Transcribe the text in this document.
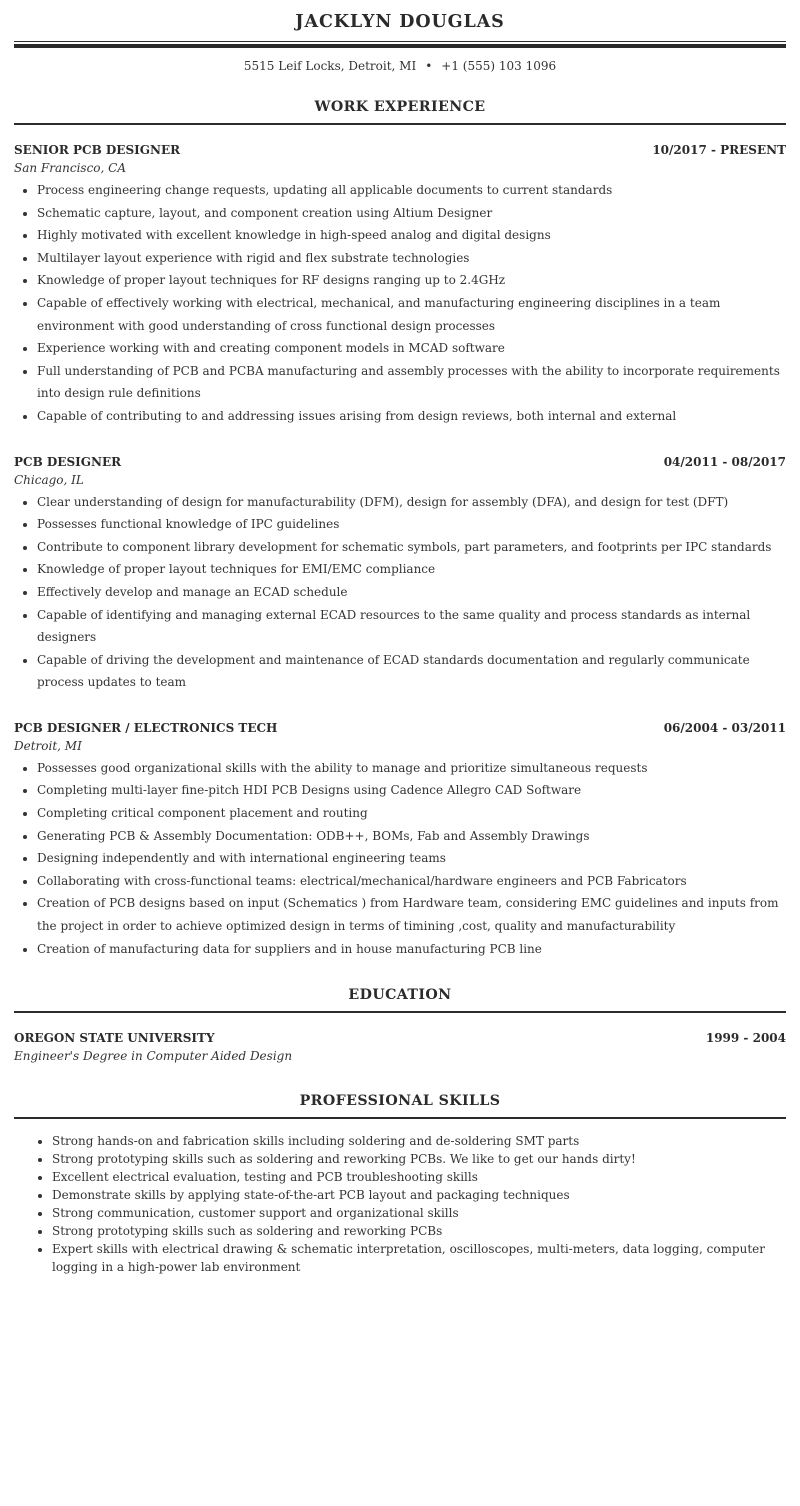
JACKLYN DOUGLAS
5515 Leif Locks, Detroit, MI • +1 (555) 103 1096
WORK EXPERIENCE
SENIOR PCB DESIGNER	10/2017 - PRESENT
San Francisco, CA
• Process engineering change requests, updating all applicable documents to current standards
• Schematic capture, layout, and component creation using Altium Designer
• Highly motivated with excellent knowledge in high-speed analog and digital designs
• Multilayer layout experience with rigid and flex substrate technologies
• Knowledge of proper layout techniques for RF designs ranging up to 2.4GHz
• Capable of effectively working with electrical, mechanical, and manufacturing engineering disciplines in a team environment with good understanding of cross functional design processes
• Experience working with and creating component models in MCAD software
• Full understanding of PCB and PCBA manufacturing and assembly processes with the ability to incorporate requirements into design rule definitions
• Capable of contributing to and addressing issues arising from design reviews, both internal and external
PCB DESIGNER	04/2011 - 08/2017
Chicago, IL
• Clear understanding of design for manufacturability (DFM), design for assembly (DFA), and design for test (DFT)
• Possesses functional knowledge of IPC guidelines
• Contribute to component library development for schematic symbols, part parameters, and footprints per IPC standards
• Knowledge of proper layout techniques for EMI/EMC compliance
• Effectively develop and manage an ECAD schedule
• Capable of identifying and managing external ECAD resources to the same quality and process standards as internal designers
• Capable of driving the development and maintenance of ECAD standards documentation and regularly communicate process updates to team
PCB DESIGNER / ELECTRONICS TECH	06/2004 - 03/2011
Detroit, MI
• Possesses good organizational skills with the ability to manage and prioritize simultaneous requests
• Completing multi-layer fine-pitch HDI PCB Designs using Cadence Allegro CAD Software
• Completing critical component placement and routing
• Generating PCB & Assembly Documentation: ODB++, BOMs, Fab and Assembly Drawings
• Designing independently and with international engineering teams
• Collaborating with cross-functional teams: electrical/mechanical/hardware engineers and PCB Fabricators
• Creation of PCB designs based on input (Schematics ) from Hardware team, considering EMC guidelines and inputs from the project in order to achieve optimized design in terms of timining ,cost, quality and manufacturability
• Creation of manufacturing data for suppliers and in house manufacturing PCB line
EDUCATION
OREGON STATE UNIVERSITY	1999 - 2004
Engineer's Degree in Computer Aided Design
PROFESSIONAL SKILLS
• Strong hands-on and fabrication skills including soldering and de-soldering SMT parts
• Strong prototyping skills such as soldering and reworking PCBs. We like to get our hands dirty!
• Excellent electrical evaluation, testing and PCB troubleshooting skills
• Demonstrate skills by applying state-of-the-art PCB layout and packaging techniques
• Strong communication, customer support and organizational skills
• Strong prototyping skills such as soldering and reworking PCBs
• Expert skills with electrical drawing & schematic interpretation, oscilloscopes, multi-meters, data logging, computer logging in a high-power lab environment
